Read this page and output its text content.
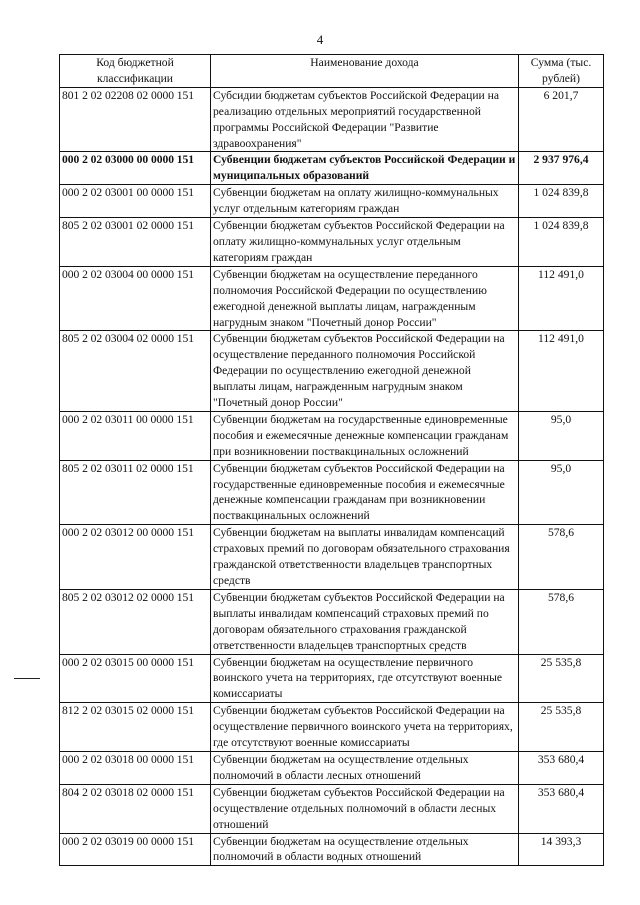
4
Код бюджетной классификации	Наименование дохода	Сумма (тыс. рублей)
801 2 02 02208 02 0000 151	Субсидии бюджетам субъектов Российской Федерации на реализацию отдельных мероприятий государственной программы Российской Федерации "Развитие здравоохранения"	6 201,7
000 2 02 03000 00 0000 151	Субвенции бюджетам субъектов Российской Федерации и муниципальных образований	2 937 976,4
000 2 02 03001 00 0000 151	Субвенции бюджетам на оплату жилищно-коммунальных услуг отдельным категориям граждан	1 024 839,8
805 2 02 03001 02 0000 151	Субвенции бюджетам субъектов Российской Федерации на оплату жилищно-коммунальных услуг отдельным категориям граждан	1 024 839,8
000 2 02 03004 00 0000 151	Субвенции бюджетам на осуществление переданного полномочия Российской Федерации по осуществлению ежегодной денежной выплаты лицам, награжденным нагрудным знаком "Почетный донор России"	112 491,0
805 2 02 03004 02 0000 151	Субвенции бюджетам субъектов Российской Федерации на осуществление переданного полномочия Российской Федерации по осуществлению ежегодной денежной выплаты лицам, награжденным нагрудным знаком "Почетный донор России"	112 491,0
000 2 02 03011 00 0000 151	Субвенции бюджетам на государственные единовременные пособия и ежемесячные денежные компенсации гражданам при возникновении поствакцинальных осложнений	95,0
805 2 02 03011 02 0000 151	Субвенции бюджетам субъектов Российской Федерации на государственные единовременные пособия и ежемесячные денежные компенсации гражданам при возникновении поствакцинальных осложнений	95,0
000 2 02 03012 00 0000 151	Субвенции бюджетам на выплаты инвалидам компенсаций страховых премий по договорам обязательного страхования гражданской ответственности владельцев транспортных средств	578,6
805 2 02 03012 02 0000 151	Субвенции бюджетам субъектов Российской Федерации на выплаты инвалидам компенсаций страховых премий по договорам обязательного страхования гражданской ответственности владельцев транспортных средств	578,6
000 2 02 03015 00 0000 151	Субвенции бюджетам на осуществление первичного воинского учета на территориях, где отсутствуют военные комиссариаты	25 535,8
812 2 02 03015 02 0000 151	Субвенции бюджетам субъектов Российской Федерации на осуществление первичного воинского учета на территориях, где отсутствуют военные комиссариаты	25 535,8
000 2 02 03018 00 0000 151	Субвенции бюджетам на осуществление отдельных полномочий в области лесных отношений	353 680,4
804 2 02 03018 02 0000 151	Субвенции бюджетам субъектов Российской Федерации на осуществление отдельных полномочий в области лесных отношений	353 680,4
000 2 02 03019 00 0000 151	Субвенции бюджетам на осуществление отдельных полномочий в области водных отношений	14 393,3
